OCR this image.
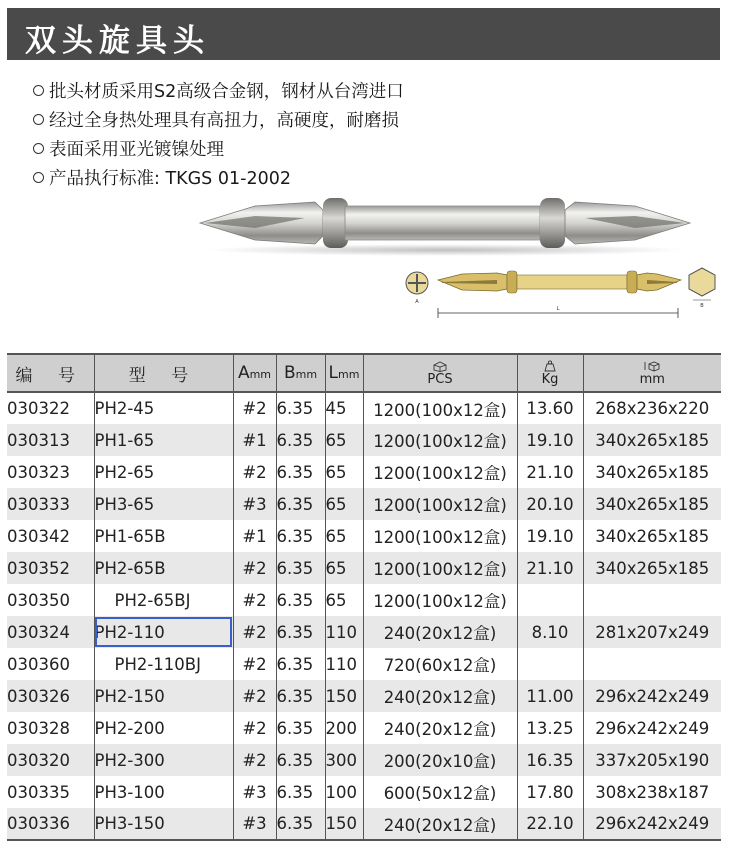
双头旋具头
批头材质采用S2高级合金钢，钢材从台湾进口
经过全身热处理具有高扭力，高硬度，耐磨损
表面采用亚光镀镍处理
产品执行标准: TKGS 01-2002
A
B
L
编 号	型 号	Amm	Bmm	Lmm	PCS	Kg	mm

030322	PH2-45	#2	6.35	45	1200(100x12盒)	13.60	268x236x220
030313	PH1-65	#1	6.35	65	1200(100x12盒)	19.10	340x265x185
030323	PH2-65	#2	6.35	65	1200(100x12盒)	21.10	340x265x185
030333	PH3-65	#3	6.35	65	1200(100x12盒)	20.10	340x265x185
030342	PH1-65B	#1	6.35	65	1200(100x12盒)	19.10	340x265x185
030352	PH2-65B	#2	6.35	65	1200(100x12盒)	21.10	340x265x185
030350	PH2-65BJ	#2	6.35	65	1200(100x12盒)		
030324	PH2-110	#2	6.35	110	240(20x12盒)	8.10	281x207x249
030360	PH2-110BJ	#2	6.35	110	720(60x12盒)		
030326	PH2-150	#2	6.35	150	240(20x12盒)	11.00	296x242x249
030328	PH2-200	#2	6.35	200	240(20x12盒)	13.25	296x242x249
030320	PH2-300	#2	6.35	300	200(20x10盒)	16.35	337x205x190
030335	PH3-100	#3	6.35	100	600(50x12盒)	17.80	308x238x187
030336	PH3-150	#3	6.35	150	240(20x12盒)	22.10	296x242x249
